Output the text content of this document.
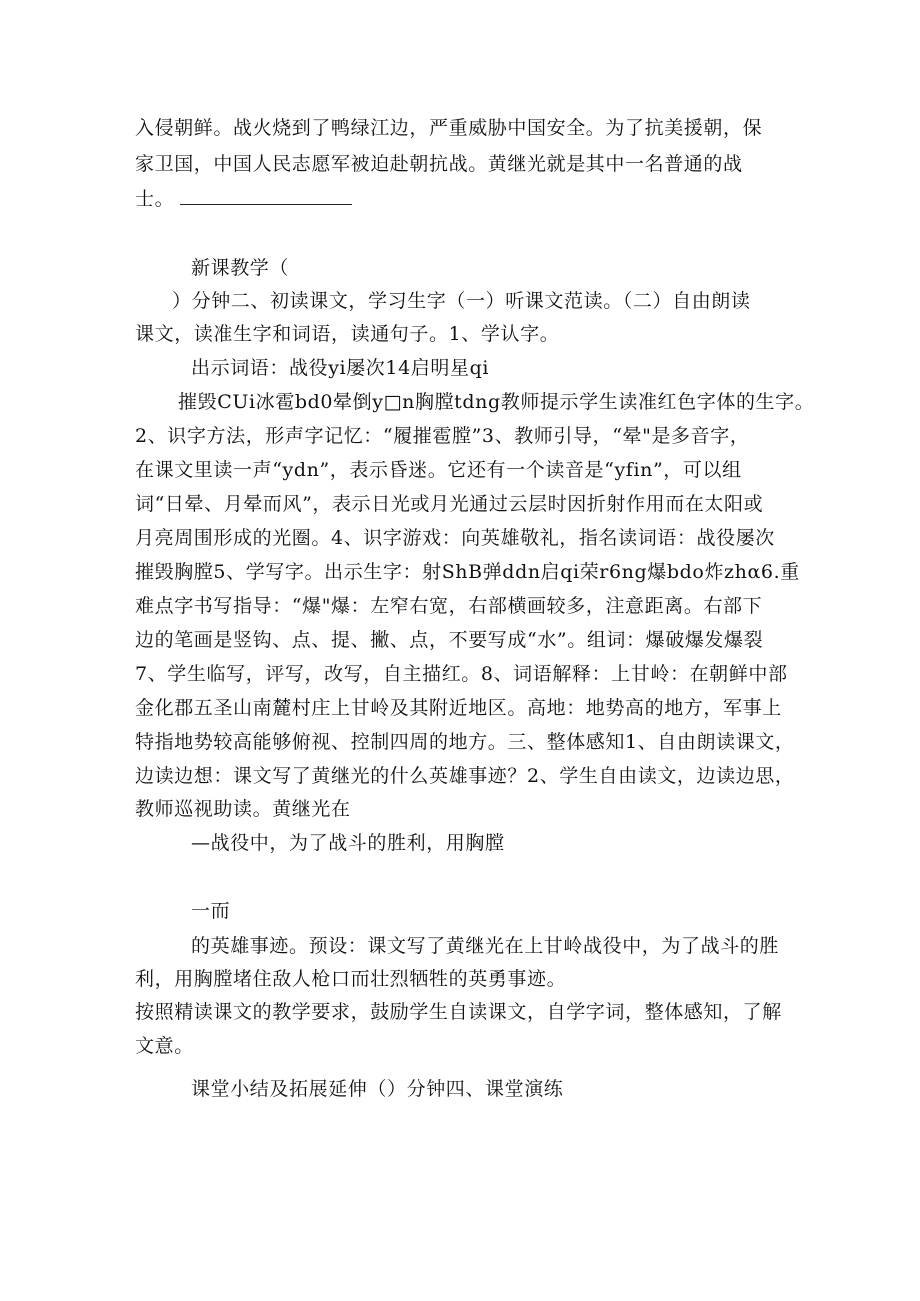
入侵朝鲜。战火烧到了鸭绿江边，严重威胁中国安全。为了抗美援朝，保
家卫国，中国人民志愿军被迫赴朝抗战。黄继光就是其中一名普通的战
士。
新课教学（
）分钟二、初读课文，学习生字（一）听课文范读。（二）自由朗读
课文，读准生字和词语，读通句子。1、学认字。
出示词语：战役yi屡次14启明星qi
摧毁CUi冰雹bd0晕倒y□n胸膛tdng教师提示学生读准红色字体的生字。
2、识字方法，形声字记忆：“履摧雹膛”3、教师引导，“晕"是多音字，
在课文里读一声“ydn”，表示昏迷。它还有一个读音是“yfin”，可以组
词“日晕、月晕而风”，表示日光或月光通过云层时因折射作用而在太阳或
月亮周围形成的光圈。4、识字游戏：向英雄敬礼，指名读词语：战役屡次
摧毁胸膛5、学写字。出示生字：射ShB弹ddn启qi荣r6ng爆bdo炸zhα6.重
难点字书写指导：“爆"爆：左窄右宽，右部横画较多，注意距离。右部下
边的笔画是竖钩、点、提、撇、点，不要写成“水”。组词：爆破爆发爆裂
7、学生临写，评写，改写，自主描红。8、词语解释：上甘岭：在朝鲜中部
金化郡五圣山南麓村庄上甘岭及其附近地区。高地：地势高的地方，军事上
特指地势较高能够俯视、控制四周的地方。三、整体感知1、自由朗读课文，
边读边想：课文写了黄继光的什么英雄事迹？2、学生自由读文，边读边思，
教师巡视助读。黄继光在
—战役中，为了战斗的胜利，用胸膛
一而
的英雄事迹。预设：课文写了黄继光在上甘岭战役中，为了战斗的胜
利，用胸膛堵住敌人枪口而壮烈牺牲的英勇事迹。
按照精读课文的教学要求，鼓励学生自读课文，自学字词，整体感知，了解
文意。
课堂小结及拓展延伸（）分钟四、课堂演练
